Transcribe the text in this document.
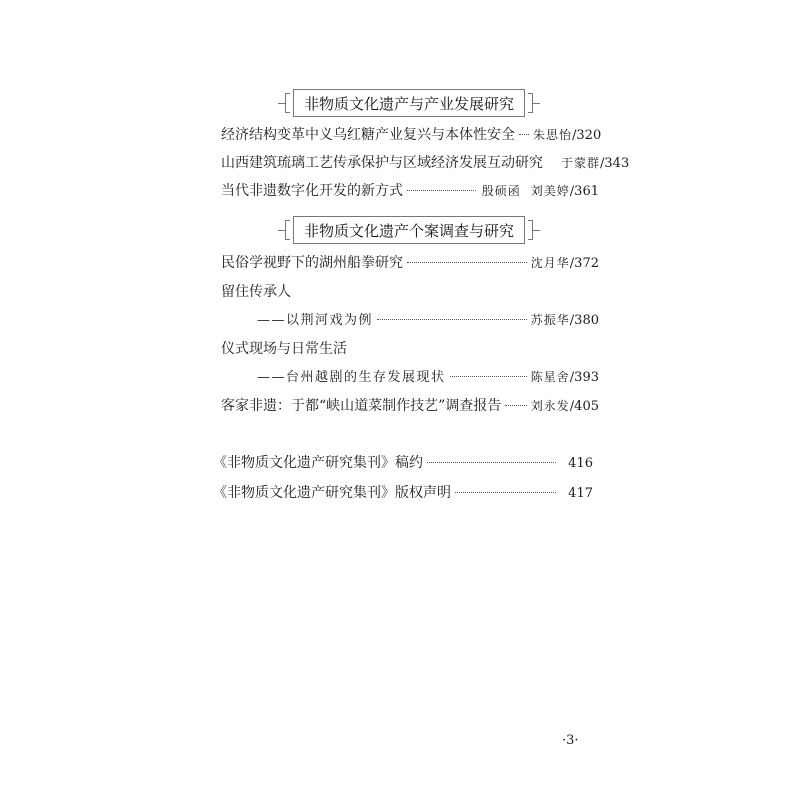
非物质文化遗产与产业发展研究
经济结构变革中义乌红糖产业复兴与本体性安全 朱思怡 /320
山西建筑琉璃工艺传承保护与区域经济发展互动研究 于蒙群 /343
当代非遗数字化开发的新方式	殷硕函 刘美婷 /361
非物质文化遗产个案调查与研究
民俗学视野下的湖州船拳研究	沈月华 /372
留住传承人
——以荆河戏为例	苏振华 /380
仪式现场与日常生活
——台州越剧的生存发展现状	陈星舍 /393
客家非遗：于都“峡山道菜制作技艺”调查报告 刘永发 /405
《非物质文化遗产研究集刊》稿约	416
《非物质文化遗产研究集刊》版权声明	417
·3·
